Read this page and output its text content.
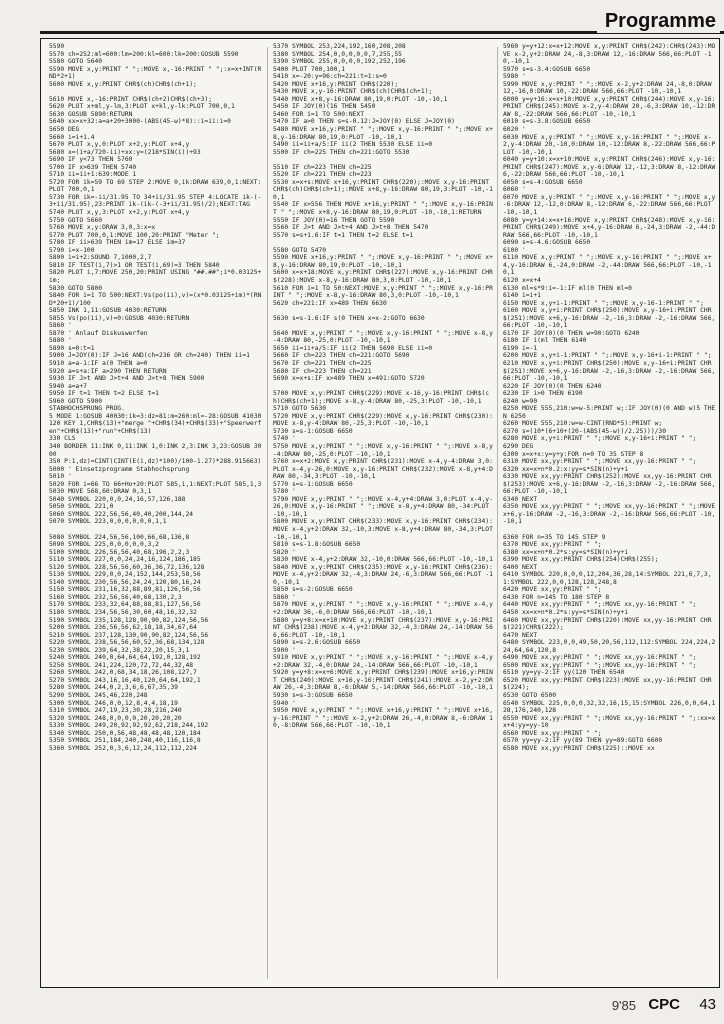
Programme
5590
5570 ch=252:ml=600:lm=200:kl=600:lk=200:GOSUB 5590
5580 GOTO 5640
5590 MOVE x,y:PRINT " ";:MOVE x,-16:PRINT " ";:x=x+INT(RND*2+1)
5600 MOVE x,y:PRINT CHR$(ch)CHR$(ch+1);

5610 MOVE x,-16:PRINT CHR$(ch+2)CHR$(ch+3);
5620 PLOT x+ml,y-lm,3:PLOT x+kl,y-lk:PLOT 700,0,1
5630 GOSUB 5890:RETURN
5640 xx=x+32:a=a+20+3000-(ABS(45-w)*8)::i=ii:i=0
5650 DEG
5660 i=i+1.4
5670 PLOT x,y,0:PLOT x+2,y:PLOT x+4,y
5680 x=(i+a/720-ii)+xx:y=(218*SIN(i))+93
5690 IF y<73 THEN 5760
5700 IF x>639 THEN 5740
5710 ii=ii+1:639:MODE 1
5720 FOR ik=59 TO 69 STEP 2:MOVE 0,ik:DRAW 639,0,1:NEXT:PLOT 700,0,1
5730 FOR ik=-ii/31.95 TO 34+ii/31.95 STEP 4:LOCATE ik-(-3+ii/31.95),23:PRINT ik-(ik-(-3+ii/31.95)/2);NEXT:TAG
5740 PLOT x,y,3:PLOT x+2,y:PLOT x+4,y
5750 GOTO 5660
5760 MOVE x,y:DRAW 3,0,3:x=x
5770 PLOT 700,0,1:MOVE 100,20:PRINT "Meter ";
5780 IF ii>639 THEN im=17 ELSE im=37
5790 i=x-100
5800 i=i+2:SOUND 7,1000,2,7
5810 IF TEST(i,7)>1 OR TEST(i,69)=3 THEN 5840
5820 PLOT i,7:MOVE 250,20:PRINT USING "##.##";i*0.03125+im;
5830 GOTO 5800
5840 FOR i=1 TO 500:NEXT:Vs(po(ii),v)=(x*0.03125+im)*(RND*20+1)/100
5850 INK 1,11:GOSUB 4030:RETURN
5855 Vs(po(ii),v)=0:GOSUB 4030:RETURN
5860 '
5870 ' Anlauf Diskuswerfen
5880 '
5890 s=0:t=1
5900 J=JOY(0):IF J=16 AND(ch=236 OR ch=240) THEN ii=1
5910 a=a-1:IF a(0 THEN a=0
5920 a=s+a:IF a>290 THEN RETURN
5930 IF J>t AND J>t+4 AND J>t+8 THEN 5900
5940 a=a+7
5950 IF t=1 THEN t=2 ELSE t=1
5960 GOTO 5900
STABHOCHSPRUNG PROG.
5 MODE 1:GOSUB 40030:ik=3:dz=81:m=260:ml=-28:GOSUB 41030
120 KEY 1,CHR$(13)+"merge "+CHR$(34)+CHR$(33)+"Speerwerfen"+CHR$(13)+"run"+CHR$(13)
330 CLS
340 BORDER 11:INK 0,11:INK 1,0:INK 2,3:INK 3,23:GOSUB 3000
350 P:1,dz)=CINT(CINT(E(i,dz)*100)/100-1.27)*288.915663)
5000 ' Einsetzprogramm Stabhochsprung
5010 '
5020 FOR i=66 TO 66+Ho+20:PLOT 585,i,1:NEXT:PLOT 585,1,3
5030 MOVE 568,60:DRAW 0,3,1
5040 SYMBOL 220,0,0,24,16,57,126,188
5050 SYMBOL 221,0
5060 SYMBOL 222,56,56,40,40,200,144,24
5070 SYMBOL 223,0,0,0,0,0,0,1,1

5080 SYMBOL 224,56,56,100,66,68,136,8
5090 SYMBOL 225,0,0,0,0,0,3,2
5100 SYMBOL 226,56,56,40,68,196,2,2,3
5110 SYMBOL 227,0,0,24,24,16,124,186,185
5120 SYMBOL 228,56,56,60,36,36,72,136,128
5130 SYMBOL 229,0,0,24,152,144,253,58,56
5140 SYMBOL 230,56,56,24,24,120,80,16,24
5150 SYMBOL 231,16,32,88,89,81,126,56,56
5160 SYMBOL 232,56,56,40,68,130,2,3
5170 SYMBOL 233,32,64,88,88,81,127,56,56
5180 SYMBOL 234,56,56,30,60,48,16,32,32
5190 SYMBOL 235,128,128,90,90,82,124,56,56
5200 SYMBOL 236,56,56,62,18,18,34,67,64
5210 SYMBOL 237,128,130,90,90,82,124,56,56
5220 SYMBOL 238,56,56,60,52,36,68,134,128
5230 SYMBOL 239,64,32,38,22,20,15,3,1
5240 SYMBOL 240,0,64,64,64,192,0,128,192
5250 SYMBOL 241,224,120,72,72,44,32,48
5260 SYMBOL 242,0,68,34,18,26,108,127,7
5270 SYMBOL 243,16,16,40,120,64,64,192,1
5280 SYMBOL 244,0,2,3,6,6,67,35,39
5290 SYMBOL 245,46,220,248
5300 SYMBOL 246,0,0,12,8,4,4,18,19
5310 SYMBOL 247,19,23,30,28,216,240
5320 SYMBOL 248,0,0,0,0,20,20,20,20
5330 SYMBOL 249,20,92,92,92,62,218,244,192
5340 SYMBOL 250,0,56,48,48,48,48,120,184
5350 SYMBOL 251,184,240,248,40,116,116,8
5360 SYMBOL 252,0,3,6,12,24,112,112,224
5370 SYMBOL 253,224,192,160,208,208
5380 SYMBOL 254,0,0,0,0,0,7,255,55
5390 SYMBOL 255,0,0,0,0,192,252,196
5400 PLOT 700,100,1
5410 x=-20:y=96:ch=221:t=1:s=0
5420 MOVE x+16,y:PRINT CHR$(220);
5430 MOVE x,y-16:PRINT CHR$(ch)CHR$(ch+1);
5440 MOVE x+8,y-16:DRAW 80,19,0:PLOT -10,-10,1
5450 IF JOY(0)(16 THEN 5450
5460 FOR i=1 TO 500:NEXT
5470 IF a>0 THEN s=s-0.12:J=JOY(0) ELSE J=JOY(0)
5480 MOVE x+16,y:PRINT " ";:MOVE x,y-16:PRINT " ";:MOVE x+8,y-16:DRAW 80,19,0:PLOT -10,-10,1
5490 ii=ii+a/5:IF ii(2 THEN 5530 ELSE ii=0
5500 IF ch=225 THEN ch=221:GOTO 5530

5510 IF ch=223 THEN ch=225
5520 IF ch=221 THEN ch=223
5530 x=x+s:MOVE x+16,y:PRINT CHR$(220);:MOVE x,y-16:PRINT CHR$(ch)CHR$(ch+1);:MOVE x+8,y-16:DRAW 80,19,3:PLOT -10,-10,1
5540 IF x>556 THEN MOVE x+16,y:PRINT " ";:MOVE x,y-16:PRINT " ";:MOVE x+8,y-16:DRAW 80,19,0:PLOT -10,-10,1:RETURN
5550 IF JOY(0)=16 THEN GOTO 5590
5560 IF J>t AND J>t+4 AND J>t+8 THEN 5470
5570 s=s+1.6:IF t=1 THEN t=2 ELSE t=1

5580 GOTO 5470
5590 MOVE x+16,y:PRINT " ";:MOVE x,y-16:PRINT " ";:MOVE x+8,y-16:DRAW 80,19,0:PLOT -10,-10,1
5600 x=x+18:MOVE x,y:PRINT CHR$(227):MOVE x,y-16:PRINT CHR$(228):MOVE x-8,y-16:DRAW 80,3,0:PLOT -10,-10,1
5610 FOR i=1 TO 50:NEXT:MOVE x,y:PRINT " ";:MOVE x,y-16:PRINT " ";:MOVE x-8,y-16:DRAW 80,3,0:PLOT -10,-10,1
5620 ch=221:IF x>489 THEN 6630

5630 s=s-1.6:IF s(0 THEN x=x-2:GOTO 6630

5640 MOVE x,y:PRINT " ";:MOVE x,y-16:PRINT " ";:MOVE x-8,y-4:DRAW 80,-25,0:PLOT -10,-10,1
5650 ii=ii+a/5:IF ii(2 THEN 5690 ELSE ii=0
5660 IF ch=223 THEN ch=221:GOTO 5690
5670 IF ch=221 THEN ch=225
5680 IF ch=223 THEN ch=221
5690 x=x+s:IF x>489 THEN x=491:GOTO 5720

5700 MOVE x,y:PRINT CHR$(229):MOVE x-16,y-16:PRINT CHR$(ch)CHR$(ch+1);:MOVE x-8,y-4:DRAW 80,-25,3:PLOT -10,-10,1
5710 GOTO 5630
5720 MOVE x,y:PRINT CHR$(229):MOVE x,y-16:PRINT CHR$(230):MOVE x-8,y-4:DRAW 80,-25,3:PLOT -10,-10,1
5730 s=s-1:GOSUB 6650
5740 '
5750 MOVE x,y:PRINT " ";:MOVE x,y-16:PRINT " ";:MOVE x-8,y-4:DRAW 80,-25,0:PLOT -10,-10,1
5760 x=x+2:MOVE x,y:PRINT CHR$(231):MOVE x-4,y-4:DRAW 3,0:PLOT x-4,y-26,0:MOVE x,y-16:PRINT CHR$(232):MOVE x-8,y+4:DRAW 80,-34,3:PLOT -10,-10,1
5770 s=s-1:GOSUB 6650
5780 '
5790 MOVE x,y:PRINT " ";:MOVE x-4,y+4:DRAW 3,0:PLOT x-4,y-26,0:MOVE x,y-16:PRINT " ";:MOVE x-8,y+4:DRAW 80,-34:PLOT -10,-10,1
5800 MOVE x,y:PRINT CHR$(233):MOVE x,y-16:PRINT CHR$(234):MOVE x-4,y+2:DRAW 32,-10,3:MOVE x-8,y+4:DRAW 80,-34,3:PLOT -10,-10,1
5810 s=s-1.8:GOSUB 6650
5820 '
5830 MOVE x-4,y+2:DRAW 32,-10,0:DRAW 566,66:PLOT -10,-10,1
5840 MOVE x,y:PRINT CHR$(235):MOVE x,y-16:PRINT CHR$(236):MOVE x-4,y+2:DRAW 32,-4,3:DRAW 24,-6,3:DRAW 566,66:PLOT -10,-10,1
5850 s=s-2:GOSUB 6650
5860 '
5870 MOVE x,y:PRINT " ";:MOVE x,y-16:PRINT " ";:MOVE x-4,y+2:DRAW 36,-6,0:DRAW 566,66:PLOT -10,-10,1
5880 y=y+8:x=x+10:MOVE x,y:PRINT CHR$(237):MOVE x,y-16:PRINT CHR$(238):MOVE x-4,y+2:DRAW 32,-4,3:DRAW 24,-14:DRAW 566,66:PLOT -10,-10,1
5890 s=s-2.6:GOSUB 6650
5900 '
5910 MOVE x,y:PRINT " ";:MOVE x,y-16:PRINT " ";:MOVE x-4,y+2:DRAW 32,-4,0:DRAW 24,-14:DRAW 566,66:PLOT -10,-10,1
5920 y=y+8:x=x+6:MOVE x,y:PRINT CHR$(239):MOVE x+16,y:PRINT CHR$(240):MOVE x+16,y-16:PRINT CHR$(241):MOVE x-2,y+2:DRAW 26,-4,3:DRAW 8,-6:DRAW 5,-14:DRAW 566,66:PLOT -10,-10,1
5930 s=s-3:GOSUB 6650
5940 '
5950 MOVE x,y:PRINT " ";:MOVE x+16,y:PRINT " ";:MOVE x+16,y-16:PRINT " ";:MOVE x-2,y+2:DRAW 26,-4,0:DRAW 8,-6:DRAW 10,-8:DRAW 566,66:PLOT -10,-10,1
5960 y=y+12:x=x+12:MOVE x,y:PRINT CHR$(242):CHR$(243):MOVE x-2,y+2:DRAW 24,-8,3:DRAW 12,-16:DRAW 566,66:PLOT -10,-10,1
5970 s=s-3.4:GOSUB 6650
5980 '
5990 MOVE x,y:PRINT " ";:MOVE x-2,y+2:DRAW 24,-8,0:DRAW 12,-16,0:DRAW 10,-22:DRAW 566,66:PLOT -10,-10,1
6000 y=y+16:x=x+10:MOVE x,y:PRINT CHR$(244):MOVE x,y-16:PRINT CHR$(245):MOVE x-2,y-4:DRAW 20,-6,3:DRAW 10,-12:DRAW 8,-22:DRAW 566,66:PLOT -10,-10,1
6010 s=s-3.8:GOSUB 6650
6020 '
6030 MOVE x,y:PRINT " ";:MOVE x,y-16:PRINT " ";:MOVE x-2,y-4:DRAW 20,-10,0:DRAW 10,-12:DRAW 8,-22:DRAW 566,66:PLOT -10,-10,1
6040 y=y+10:x=x+10:MOVE x,y:PRINT CHR$(246):MOVE x,y-16:PRINT CHR$(247):MOVE x,y-6:DRAW 12,-12,3:DRAW 8,-12:DRAW 6,-22:DRAW 566,66:PLOT -10,-10,1
6050 s=s-4:GOSUB 6650
6060 '
6070 MOVE x,y:PRINT " ";:MOVE x,y-16:PRINT " ";:MOVE x,y-6:DRAW 12,-12,0:DRAW 8,-12:DRAW 6,-22:DRAW 566,66:PLOT -10,-10,1
6080 y=y+14:x=x+16:MOVE x,y:PRINT CHR$(248):MOVE x,y-16:PRINT CHR$(249):MOVE x+4,y-16:DRAW 6,-24,3:DRAW -2,-44:DRAW 566,66:PLOT -10,-10,1
6090 s=s-4.6:GOSUB 6650
6100 '
6110 MOVE x,y:PRINT " ";:MOVE x,y-16:PRINT " ";:MOVE x+4,y-16:DRAW 6,-24,0:DRAW -2,-44:DRAW 566,66:PLOT -10,-10,1
6120 x=x+4
6130 ml=s*9:i=-1:IF ml(0 THEN ml=0
6140 i=i+1
6150 MOVE x,y+i-1:PRINT " ";:MOVE x,y-16-1:PRINT " ";
6160 MOVE x,y+i:PRINT CHR$(250):MOVE x,y-16+i:PRINT CHR$(251):MOVE x+6,y-16:DRAW -2,-16,3:DRAW -2,-16:DRAW 566,66:PLOT -10,-10,1
6170 IF JOY(0)(0 THEN w=90:GOTO 6240
6180 IF i(ml THEN 6140
6190 i=-1
6200 MOVE x,y+i-1:PRINT " ";:MOVE x,y-16+i-1:PRINT " ";
6210 MOVE x,y+i:PRINT CHR$(250):MOVE x,y-16+i:PRINT CHR$(251):MOVE x+6,y-16:DRAW -2,-16,3:DRAW -2,-16:DRAW 566,66:PLOT -10,-10,1
6220 IF JOY(0)(0 THEN 6240
6230 IF i>0 THEN 6190
6240 w=90
6250 MOVE 555,210:w=w-5:PRINT w;:IF JOY(0)(0 AND w)5 THEN 6250
6260 MOVE 555,210:w=w-CINT(RND*5):PRINT w;
6270 s=(10*(6+10+(20-(ABS(45-w))/2.25)))/30
6280 MOVE x,y+i:PRINT " ";:MOVE x,y-16+i:PRINT " ";
6290 DEG
6300 x=x+x:y=y+y:FOR n=0 TO 35 STEP 8
6310 MOVE xx,yy:PRINT " ";:MOVE xx,yy-16:PRINT " ";
6320 xx=x+n*0.2:x:yy=s*SIN(n)+y+i
6330 MOVE xx,yy:PRINT CHR$(252):MOVE xx,yy-16:PRINT CHR$(253):MOVE x+6,y-16:DRAW -2,-16,3:DRAW -2,-16:DRAW 566,66:PLOT -10,-10,1
6340 NEXT
6350 MOVE xx,yy:PRINT " ";:MOVE xx,yy-16:PRINT " ";:MOVE x+6,y-16:DRAW -2,-16,3:DRAW -2,-16:DRAW 566,66:PLOT -10,-10,1

6360 FOR n=35 TO 145 STEP 9
6370 MOVE xx,yy:PRINT " ";
6380 xx=x+n*0.2*s:yy=s*SIN(n)+y+i
6390 MOVE xx,yy:PRINT CHR$(254)CHR$(255);
6400 NEXT
6410 SYMBOL 220,0,0,0,12,204,36,28,14:SYMBOL 221,6,7,3,1:SYMBOL 222,0,0,128,128,248,8
6420 MOVE xx,yy:PRINT " ";
6430 FOR n=145 TO 180 STEP 8
6440 MOVE xx,yy:PRINT " ";:MOVE xx,yy-16:PRINT " ";
6450 xx=x+n*0.2*s:yy=s*SIN(n)+y+i
6460 MOVE xx,yy:PRINT CHR$(220):MOVE xx,yy-16:PRINT CHR$(221)CHR$(222);
6470 NEXT
6480 SYMBOL 223,0,0,49,50,20,56,112,112:SYMBOL 224,224,224,64,64,120,8
6490 MOVE xx,yy:PRINT " ";:MOVE xx,yy-16:PRINT " ";
6500 MOVE xx,yy:PRINT " ";:MOVE xx,yy-16:PRINT " ";
6510 yy=yy-2:IF yy(120 THEN 6540
6520 MOVE xx,yy:PRINT CHR$(223):MOVE xx,yy-16:PRINT CHR$(224);
6530 GOTO 6500
6540 SYMBOL 225,0,0,0,32,32,16,15,15:SYMBOL 226,0,0,64,128,176,240,128
6550 MOVE xx,yy:PRINT " ";:MOVE xx,yy-16:PRINT " ";:xx=xx+4:yy=yy-10
6560 MOVE xx,yy:PRINT " ";
6570 yy=yy-2:IF yy(89 THEN yy=89:GOTO 6600
6580 MOVE xx,yy:PRINT CHR$(225)::MOVE xx
9'85 CPC 43
